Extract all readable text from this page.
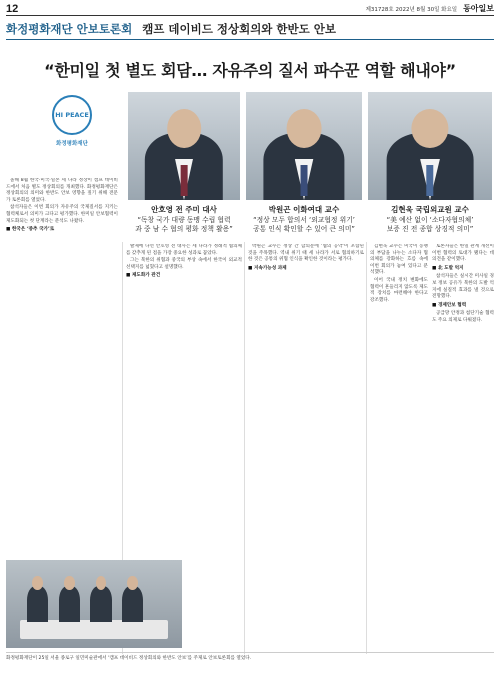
12	제31728호 2022년 8월 30일 화요일 동아일보
화정평화재단 안보토론회 캠프 데이비드 정상회의와 한반도 안보
“한미일 첫 별도 회담… 자유주의 질서 파수꾼 역할 해내야”
HI PEACE
화정평화재단
안호영 전 주미 대사
“독창 국가 대량 동맹 수립 협력
과 중 남 수 협의 평화 정책 활용”
박원곤 이화여대 교수
“정상 모두 합의서 ‘외교협정 위기’
공통 인식 확인할 수 있어 큰 의미”
김현욱 국립외교원 교수
“美 예산 없이 ‘소다자협의체’
보증 진 전 종합 상징적 의미”

올해 8월 한국·미국·일본 세 나라 정상이 캠프 데이비드에서 처음 별도 정상회의를 개최했다. 화정평화재단은 정상회의의 의미와 한반도 안보 영향을 짚기 위해 전문가 토론회를 열었다.

참석자들은 이번 회의가 자유주의 국제질서를 지키는 협력체로서 의미가 크다고 평가했다. 한미일 안보협력이 제도화되는 첫 단계라는 분석도 나왔다.

■ 한국은 ‘중추 국가’로

발제에 나선 안호영 전 대사는 세 나라가 정례적 협의체를 갖추게 된 점을 가장 중요한 성과로 꼽았다.

그는 북한의 위협과 중국의 부상 속에서 한국이 외교적 선택지를 넓혔다고 설명했다.

■ 제도화가 관건

박원곤 교수는 정상 간 합의문에 ‘협의 공약’이 포함된 것을 주목했다. 역내 위기 때 세 나라가 서로 협의하기로 한 것은 공통의 위협 인식을 확인한 것이라는 평가다.

■ 지속가능성 과제

김현욱 교수는 미국이 동맹의 부담을 나누는 소다자 협의체를 강화하는 흐름 속에 이번 회의가 놓여 있다고 분석했다.

이어 국내 정치 변화에도 협력이 흔들리지 않도록 제도적 장치를 마련해야 한다고 강조했다.

토론자들은 한일 관계 개선이 이번 협력의 토대가 됐다는 데 의견을 같이했다.

■ 北 도발 억지

참석자들은 실시간 미사일 경보 정보 공유가 북한의 도발 억지에 실질적 효과를 낼 것으로 전망했다.

■ 경제안보 협력

공급망 안정과 첨단기술 협력도 주요 의제로 다뤄졌다.

화정평화재단이 25일 서울 종로구 일민미술관에서 ‘캠프 데이비드 정상회의와 한반도 안보’를 주제로 안보토론회를 열었다.
